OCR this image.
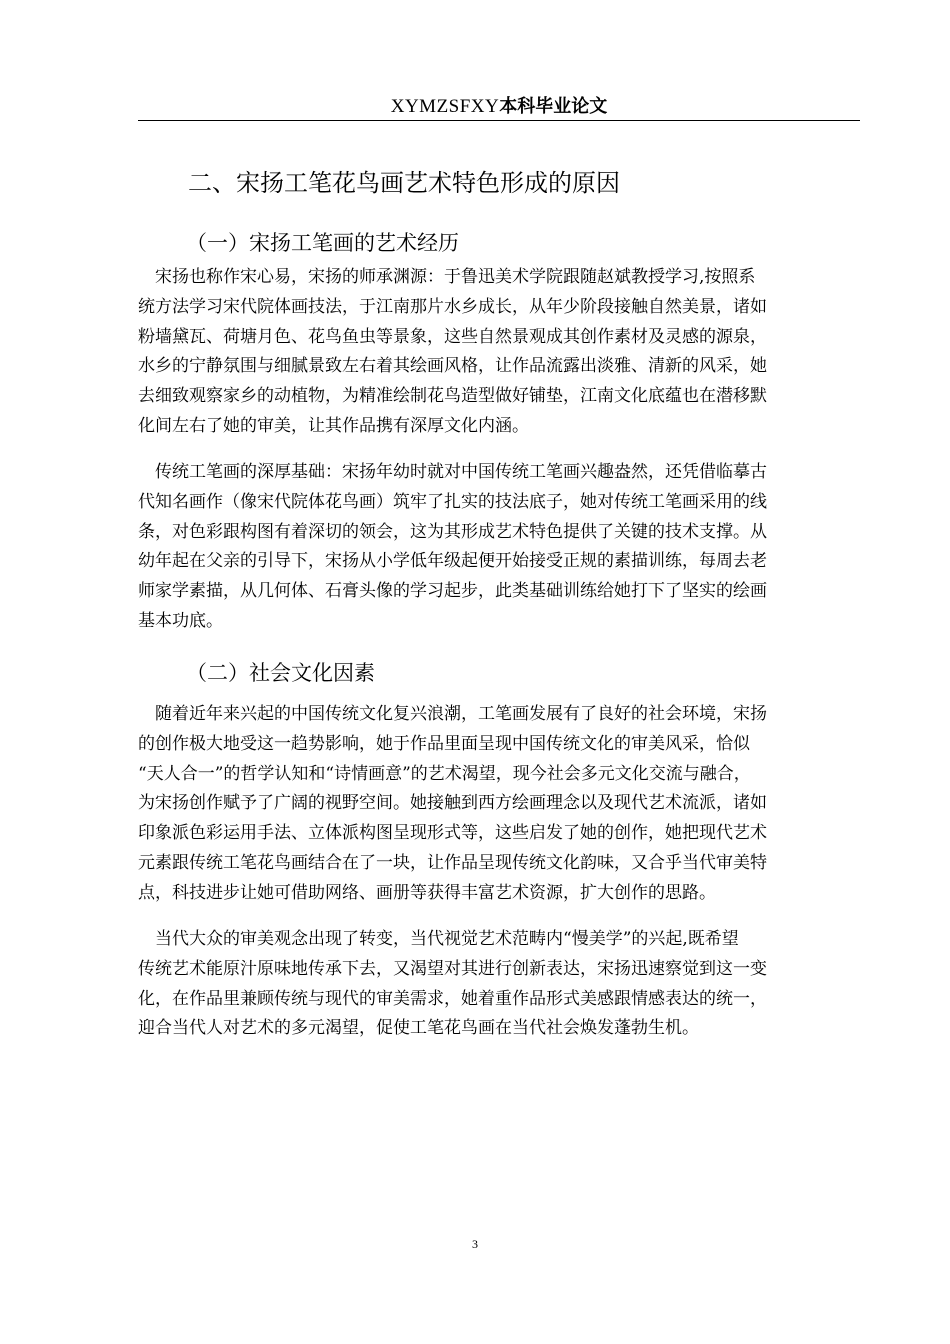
XYMZSFXY本科毕业论文
二、宋扬工笔花鸟画艺术特色形成的原因
（一）宋扬工笔画的艺术经历
　宋扬也称作宋心易，宋扬的师承渊源：于鲁迅美术学院跟随赵斌教授学习,按照系
统方法学习宋代院体画技法，于江南那片水乡成长，从年少阶段接触自然美景，诸如
粉墙黛瓦、荷塘月色、花鸟鱼虫等景象，这些自然景观成其创作素材及灵感的源泉，
水乡的宁静氛围与细腻景致左右着其绘画风格，让作品流露出淡雅、清新的风采，她
去细致观察家乡的动植物，为精准绘制花鸟造型做好铺垫，江南文化底蕴也在潜移默
化间左右了她的审美，让其作品携有深厚文化内涵。
　传统工笔画的深厚基础：宋扬年幼时就对中国传统工笔画兴趣盎然，还凭借临摹古
代知名画作（像宋代院体花鸟画）筑牢了扎实的技法底子，她对传统工笔画采用的线
条，对色彩跟构图有着深切的领会，这为其形成艺术特色提供了关键的技术支撑。从
幼年起在父亲的引导下，宋扬从小学低年级起便开始接受正规的素描训练，每周去老
师家学素描，从几何体、石膏头像的学习起步，此类基础训练给她打下了坚实的绘画
基本功底。
（二）社会文化因素
　随着近年来兴起的中国传统文化复兴浪潮，工笔画发展有了良好的社会环境，宋扬
的创作极大地受这一趋势影响，她于作品里面呈现中国传统文化的审美风采，恰似
“天人合一”的哲学认知和“诗情画意”的艺术渴望，现今社会多元文化交流与融合，
为宋扬创作赋予了广阔的视野空间。她接触到西方绘画理念以及现代艺术流派，诸如
印象派色彩运用手法、立体派构图呈现形式等，这些启发了她的创作，她把现代艺术
元素跟传统工笔花鸟画结合在了一块，让作品呈现传统文化韵味，又合乎当代审美特
点，科技进步让她可借助网络、画册等获得丰富艺术资源，扩大创作的思路。
　当代大众的审美观念出现了转变，当代视觉艺术范畴内“慢美学”的兴起,既希望
传统艺术能原汁原味地传承下去，又渴望对其进行创新表达，宋扬迅速察觉到这一变
化，在作品里兼顾传统与现代的审美需求，她着重作品形式美感跟情感表达的统一，
迎合当代人对艺术的多元渴望，促使工笔花鸟画在当代社会焕发蓬勃生机。
3
